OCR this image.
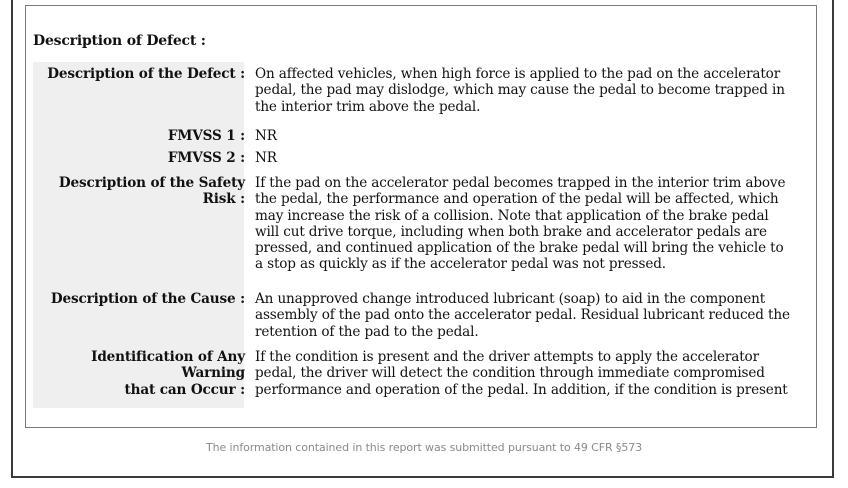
Description of Defect :
Description of the Defect : On affected vehicles, when high force is applied to the pad on the accelerator pedal, the pad may dislodge, which may cause the pedal to become trapped in the interior trim above the pedal.
FMVSS 1 : NR
FMVSS 2 : NR
Description of the Safety Risk :
If the pad on the accelerator pedal becomes trapped in the interior trim above the pedal, the performance and operation of the pedal will be affected, which may increase the risk of a collision. Note that application of the brake pedal will cut drive torque, including when both brake and accelerator pedals are pressed, and continued application of the brake pedal will bring the vehicle to a stop as quickly as if the accelerator pedal was not pressed.
Description of the Cause : An unapproved change introduced lubricant (soap) to aid in the component assembly of the pad onto the accelerator pedal. Residual lubricant reduced the retention of the pad to the pedal.
Identification of Any Warning
that can Occur :
If the condition is present and the driver attempts to apply the accelerator pedal, the driver will detect the condition through immediate compromised performance and operation of the pedal. In addition, if the condition is present
The information contained in this report was submitted pursuant to 49 CFR §573
